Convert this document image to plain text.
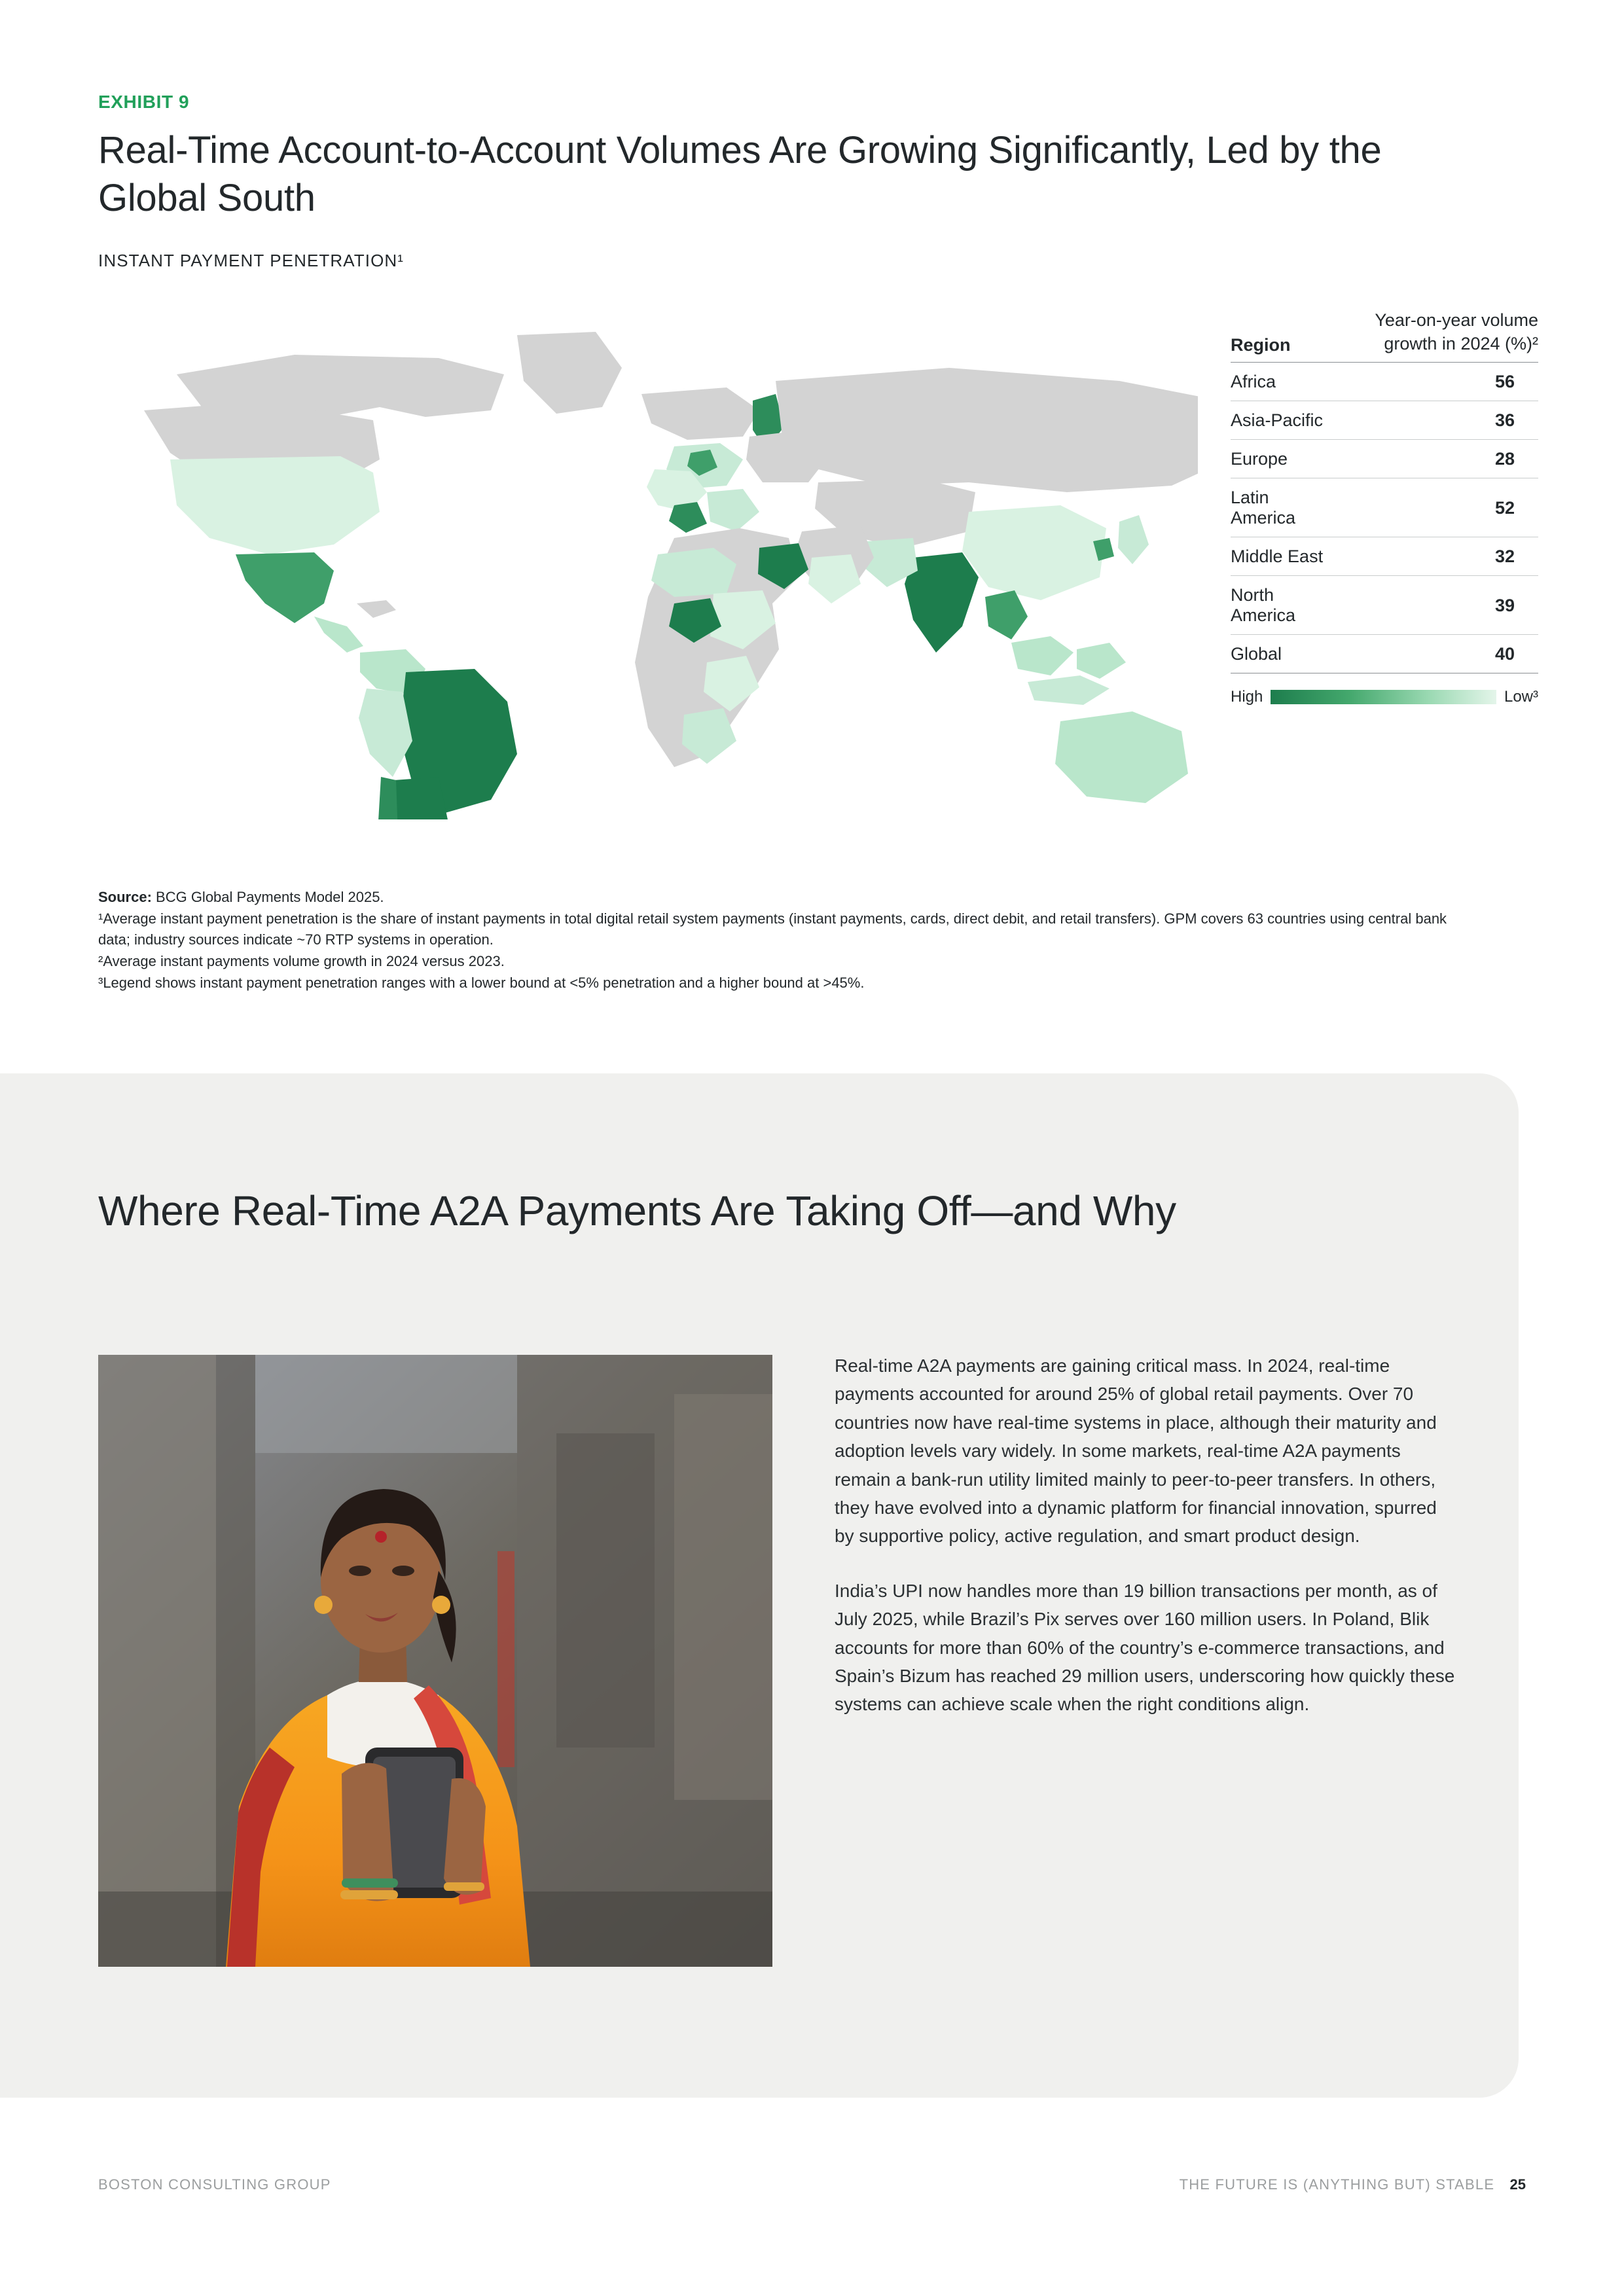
EXHIBIT 9
Real-Time Account-to-Account Volumes Are Growing Significantly, Led by the Global South
INSTANT PAYMENT PENETRATION¹
Region	Year-on-year volume growth in 2024 (%)²
Africa	56
Asia-Pacific	36
Europe	28
Latin America	52
Middle East	32
North America	39
Global	40
High	Low³
Source: BCG Global Payments Model 2025.
¹Average instant payment penetration is the share of instant payments in total digital retail system payments (instant payments, cards, direct debit, and retail transfers). GPM covers 63 countries using central bank data; industry sources indicate ~70 RTP systems in operation.
²Average instant payments volume growth in 2024 versus 2023.
³Legend shows instant payment penetration ranges with a lower bound at <5% penetration and a higher bound at >45%.
Where Real-Time A2A Payments Are Taking Off—and Why

Real-time A2A payments are gaining critical mass. In 2024, real-time payments accounted for around 25% of global retail payments. Over 70 countries now have real-time systems in place, although their maturity and adoption levels vary widely. In some markets, real-time A2A payments remain a bank-run utility limited mainly to peer-to-peer transfers. In others, they have evolved into a dynamic platform for financial innovation, spurred by supportive policy, active regulation, and smart product design.

India’s UPI now handles more than 19 billion transactions per month, as of July 2025, while Brazil’s Pix serves over 160 million users. In Poland, Blik accounts for more than 60% of the country’s e-commerce transactions, and Spain’s Bizum has reached 29 million users, underscoring how quickly these systems can achieve scale when the right conditions align.

BOSTON CONSULTING GROUP	THE FUTURE IS (ANYTHING BUT) STABLE 25
